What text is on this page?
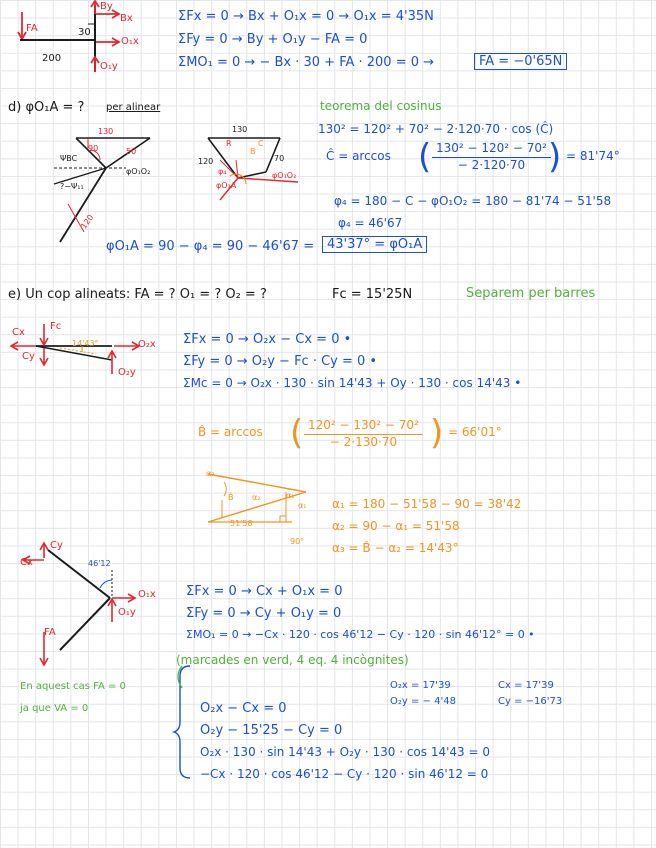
By
Bx
O₁x
O₁y
FA	30
200
ΣFx = 0 → Bx + O₁x = 0 → O₁x = 4'35N
ΣFy = 0 → By + O₁y − FA = 0
ΣMO₁ = 0 → − Bx · 30 + FA · 200 = 0 →	FA = −0'65N
d) φO₁A = ? per alinear
130
90
ΨBC
50
φO₁O₂
?−Ψ₁₁
120
130
120	70
B
C
R
φ₄	φO₁O₂
φO₁A
teorema del cosinus
130² = 120² + 70² − 2·120·70 · cos (Ĉ)
Ĉ = arccos ( $\frac{\text{130² − 120² − 70²}}{- 2\cdot 120\cdot 70}$
) = 81'74°
φ₄ = 180 − C − φO₁O₂ = 180 − 81'74 − 51'58
φ₄ = 46'67
φO₁A = 90 − φ₄ = 90 − 46'67 = 43'37° = φO₁A
e) Un cop alineats: FA = ? O₁ = ? O₂ = ?	Fc = 15'25N	Separem per barres
Cx
Fc
Cy
O₂x
O₂y
14'43°	ΣFx = 0 → O₂x − Cx = 0 •
ΣFy = 0 → O₂y − Fc · Cy = 0 •
ΣMc = 0 → O₂x · 130 · sin 14'43 + Oy · 130 · cos 14'43 •
B̂ = arccos ( $\frac{\text{120² − 130² − 70²}}{- 2\cdot 130\cdot 70}$ ) = 66'01°
α₃
B̂ α₂	α₁
α₁
51'58
90°
α₁ = 180 − 51'58 − 90 = 38'42
α₂ = 90 − α₁ = 51'58
α₃ = B̂ − α₂ = 14'43°
Cy
Cx	46'12
O₁x
O₁y
FA
ΣFx = 0 → Cx + O₁x = 0
ΣFy = 0 → Cy + O₁y = 0
ΣMO₁ = 0 → −Cx · 120 · cos 46'12 − Cy · 120 · sin 46'12° = 0 •
(marcades en verd, 4 eq. 4 incògnites)
En aquest cas FA = 0
ja que VA = 0
O₂x = 17'39
O₂y = − 4'48
Cx = 17'39
Cy = −16'73
O₂x − Cx = 0
O₂y − 15'25 − Cy = 0
O₂x · 130 · sin 14'43 + O₂y · 130 · cos 14'43 = 0
−Cx · 120 · cos 46'12 − Cy · 120 · sin 46'12 = 0
